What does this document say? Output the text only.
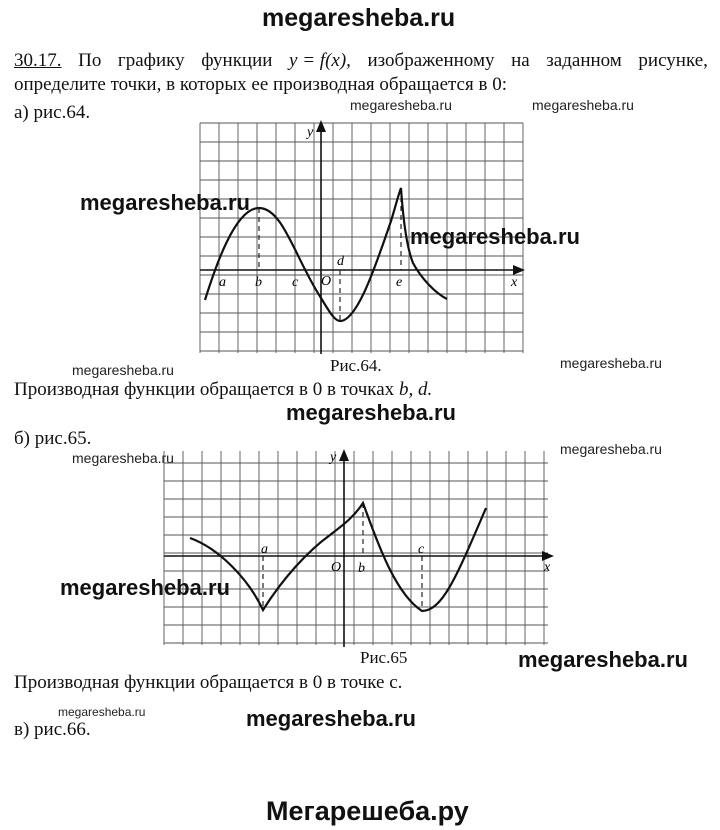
megaresheba.ru
30.17. По графику функции y = f(x), изображенному на заданном рисунке,
определите точки, в которых ее производная обращается в 0:
megaresheba.ru	megaresheba.ru
а) рис.64.
x
y
O
a b c
d
e
megaresheba.ru
megaresheba.ru
Рис.64.
megaresheba.ru	megaresheba.ru
Производная функции обращается в 0 в точках b, d.
megaresheba.ru
б) рис.65.
megaresheba.ru
megaresheba.ru
x
y
O
a
b
c
megaresheba.ru
Рис.65	megaresheba.ru
Производная функции обращается в 0 в точке с.
megaresheba.ru	megaresheba.ru
в) рис.66.
Мегарешеба.ру
